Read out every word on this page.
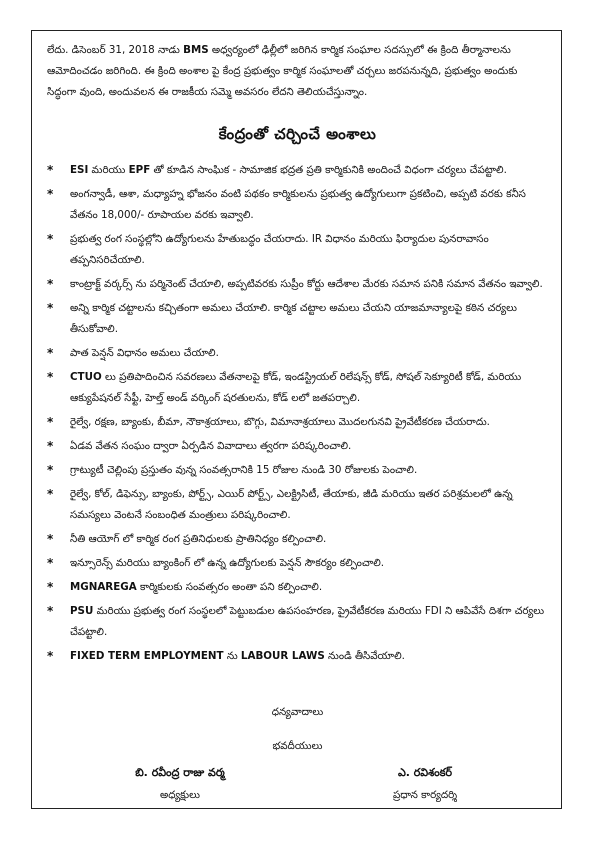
లేదు. డిసెంబర్ 31, 2018 నాడు BMS అధ్వర్యంలో ఢిల్లీలో జరిగిన కార్మిక సంఘాల సదస్సులో ఈ క్రింది తీర్మానాలను ఆమోదించడం జరిగింది. ఈ క్రింది అంశాల పై కేంద్ర ప్రభుత్వం కార్మిక సంఘాలతో చర్చలు జరపనున్నది, ప్రభుత్వం అందుకు సిద్ధంగా వుంది, అందువలన ఈ రాజకీయ సమ్మె అవసరం లేదని తెలియచేస్తున్నాం.
కేంద్రంతో చర్చించే అంశాలు
*	ESI మరియు EPF తో కూడిన సాంఘిక - సామాజిక భద్రత ప్రతి కార్మికునికి అందించే విధంగా చర్యలు చేపట్టాలి.
*	అంగన్వాడీ, ఆశా, మధ్యాహ్న భోజనం వంటి పథకం కార్మికులను ప్రభుత్వ ఉద్యోగులుగా ప్రకటించి, అప్పటి వరకు కనీస వేతనం 18,000/- రూపాయల వరకు ఇవ్వాలి.
*	ప్రభుత్వ రంగ సంస్థల్లోని ఉద్యోగులను హేతుబద్ధం చేయరాదు. IR విధానం మరియు ఫిర్యాదుల పునరావాసం తప్పనిసరిచేయాలి.
*	కాంట్రాక్ట్ వర్కర్స్ ను పర్మినెంట్ చేయాలి, అప్పటివరకు సుప్రీం కోర్టు ఆదేశాల మేరకు సమాన పనికి సమాన వేతనం ఇవ్వాలి.
*	అన్ని కార్మిక చట్టాలను కచ్చితంగా అమలు చేయాలి. కార్మిక చట్టాల అమలు చేయని యాజమాన్యాలపై కఠిన చర్యలు తీసుకోవాలి.
*	పాత పెన్షన్ విధానం అమలు చేయాలి.
*	CTUO లు ప్రతిపాదించిన సవరణలు వేతనాలపై కోడ్, ఇండస్ట్రియల్ రిలేషన్స్ కోడ్, సోషల్ సెక్యూరిటీ కోడ్, మరియు ఆక్యుపేషనల్ సేఫ్టీ, హెల్త్ అండ్ వర్కింగ్ షరతులను, కోడ్ లలో జతపర్చాలి.
*	రైల్వే, రక్షణ, బ్యాంకు, బీమా, నౌకాశ్రయాలు, బొగ్గు, విమానాశ్రయాలు మొదలగునవి ప్రైవేటీకరణ చేయరాదు.
*	ఏడవ వేతన సంఘం ద్వారా ఏర్పడిన వివాదాలు త్వరగా పరిష్కరించాలి.
*	గ్రాట్యుటీ చెల్లింపు ప్రస్తుతం వున్న సంవత్సరానికి 15 రోజుల నుండి 30 రోజులకు పెంచాలి.
*	రైల్వే, కోల్, డిఫెన్సు, బ్యాంకు, పోర్ట్స్, ఎయిర్ పోర్ట్స్, ఎలక్ట్రిసిటీ, తేయాకు, జీడి మరియు ఇతర పరిశ్రమలలో ఉన్న సమస్యలు వెంటనే సంబంధిత మంత్రులు పరిష్కరించాలి.
*	నీతి ఆయోగ్ లో కార్మిక రంగ ప్రతినిధులకు ప్రాతినిధ్యం కల్పించాలి.
*	ఇన్సూరెన్స్ మరియు బ్యాంకింగ్ లో ఉన్న ఉద్యోగులకు పెన్షన్ సౌకర్యం కల్పించాలి.
*	MGNAREGA కార్మికులకు సంవత్సరం అంతా పని కల్పించాలి.
*	PSU మరియు ప్రభుత్వ రంగ సంస్థలలో పెట్టుబడుల ఉపసంహరణ, ప్రైవేటీకరణ మరియు FDI ని ఆపివేసే దిశగా చర్యలు చేపట్టాలి.
*	FIXED TERM EMPLOYMENT ను LABOUR LAWS నుండి తీసివేయాలి.
ధన్యవాదాలు
భవదీయులు
బి. రవీంద్ర రాజు వర్మ
అధ్యక్షులు
ఎ. రవిశంకర్
ప్రధాన కార్యదర్శి
